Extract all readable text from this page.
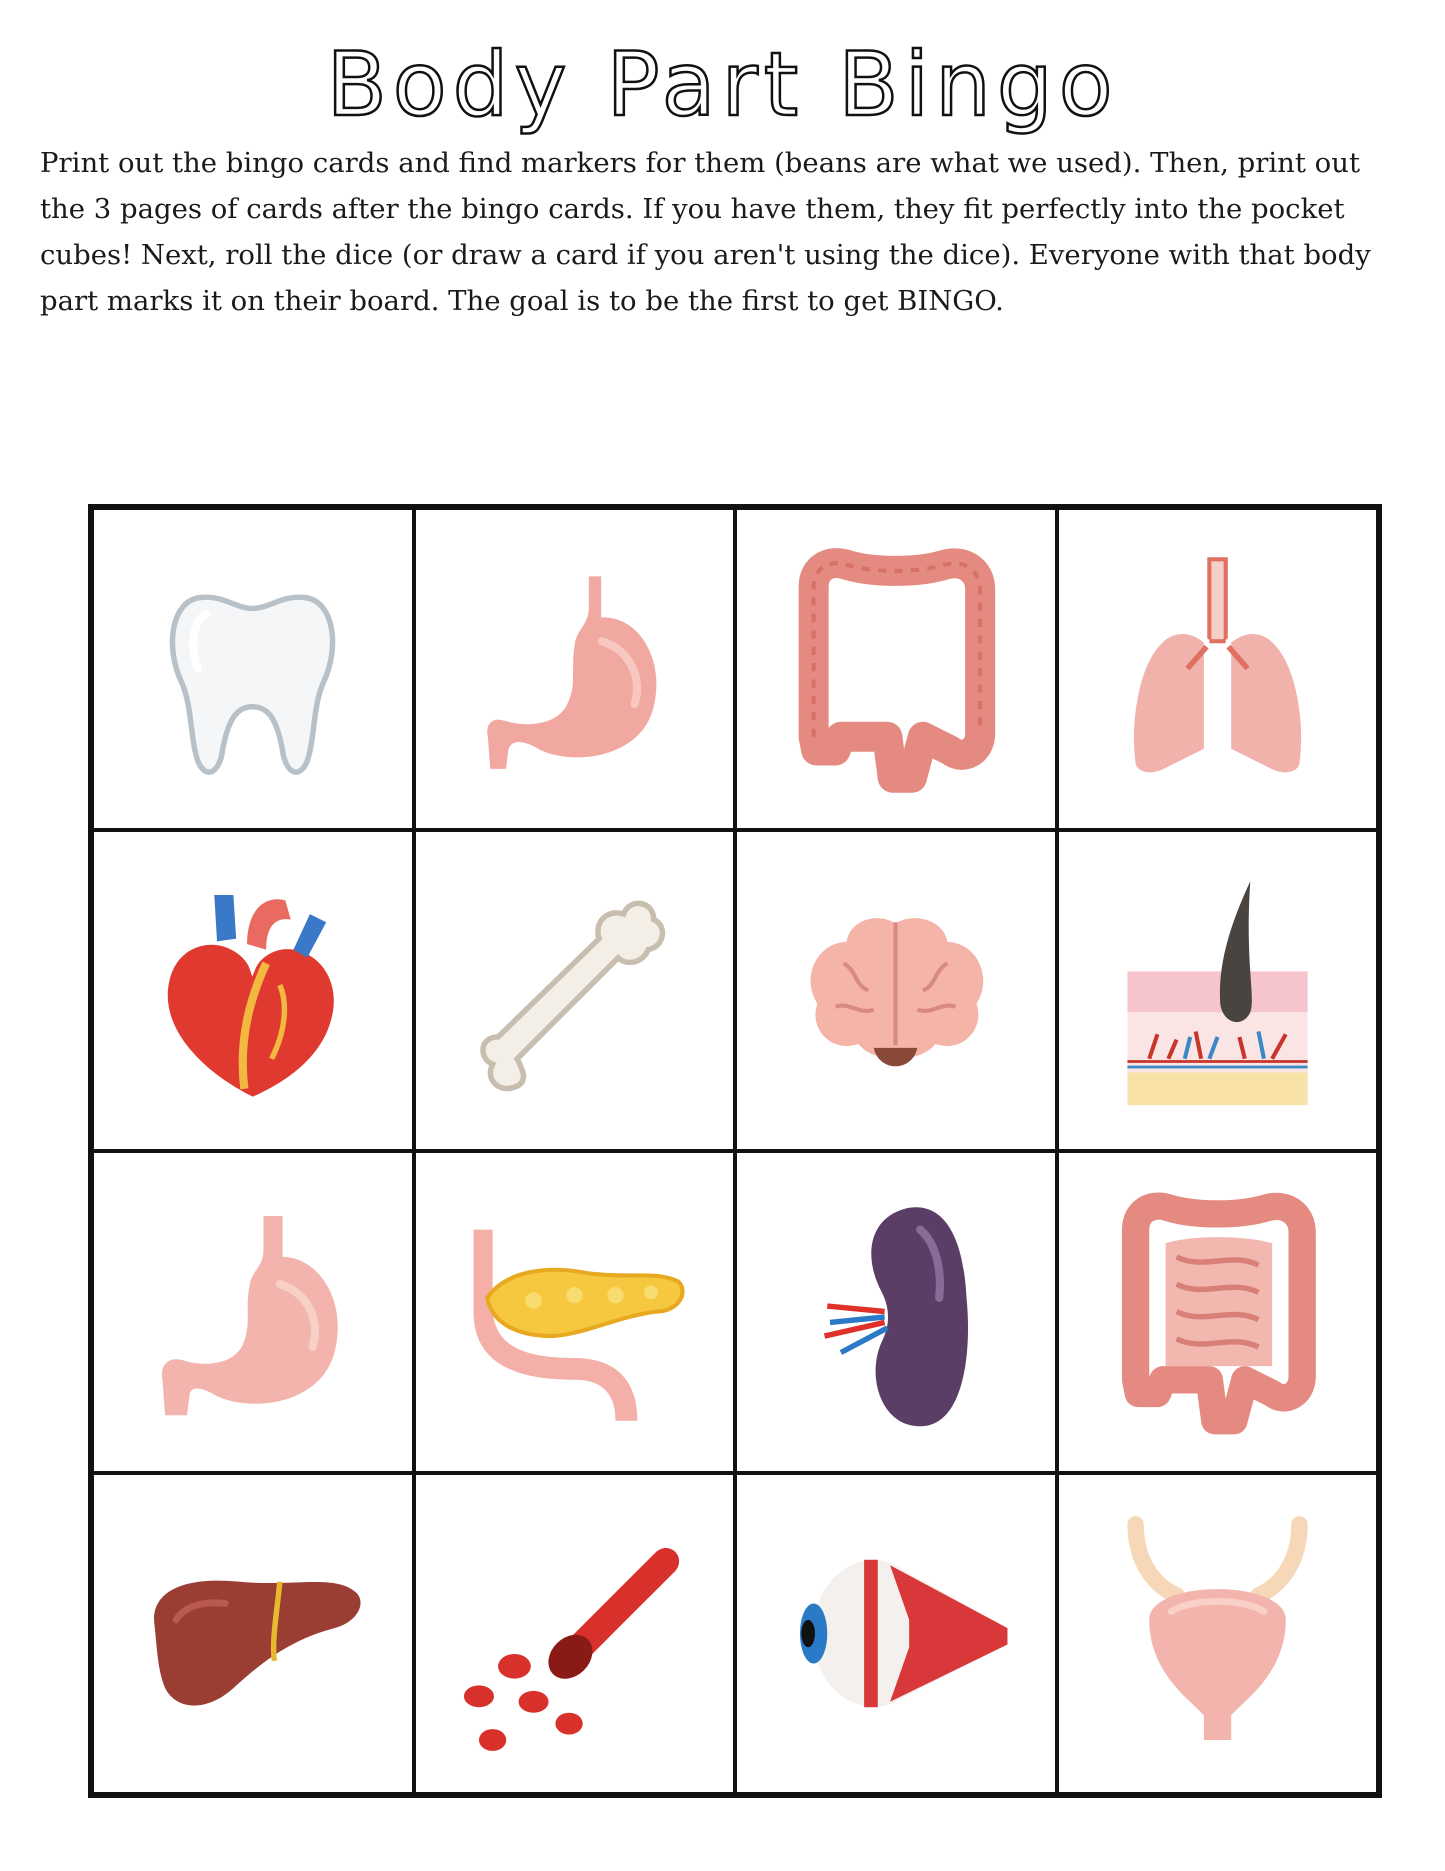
Body Part Bingo
Print out the bingo cards and find markers for them (beans are what we used). Then, print out the 3 pages of cards after the bingo cards. If you have them, they fit perfectly into the pocket cubes! Next, roll the dice (or draw a card if you aren't using the dice). Everyone with that body part marks it on their board. The goal is to be the first to get BINGO.
